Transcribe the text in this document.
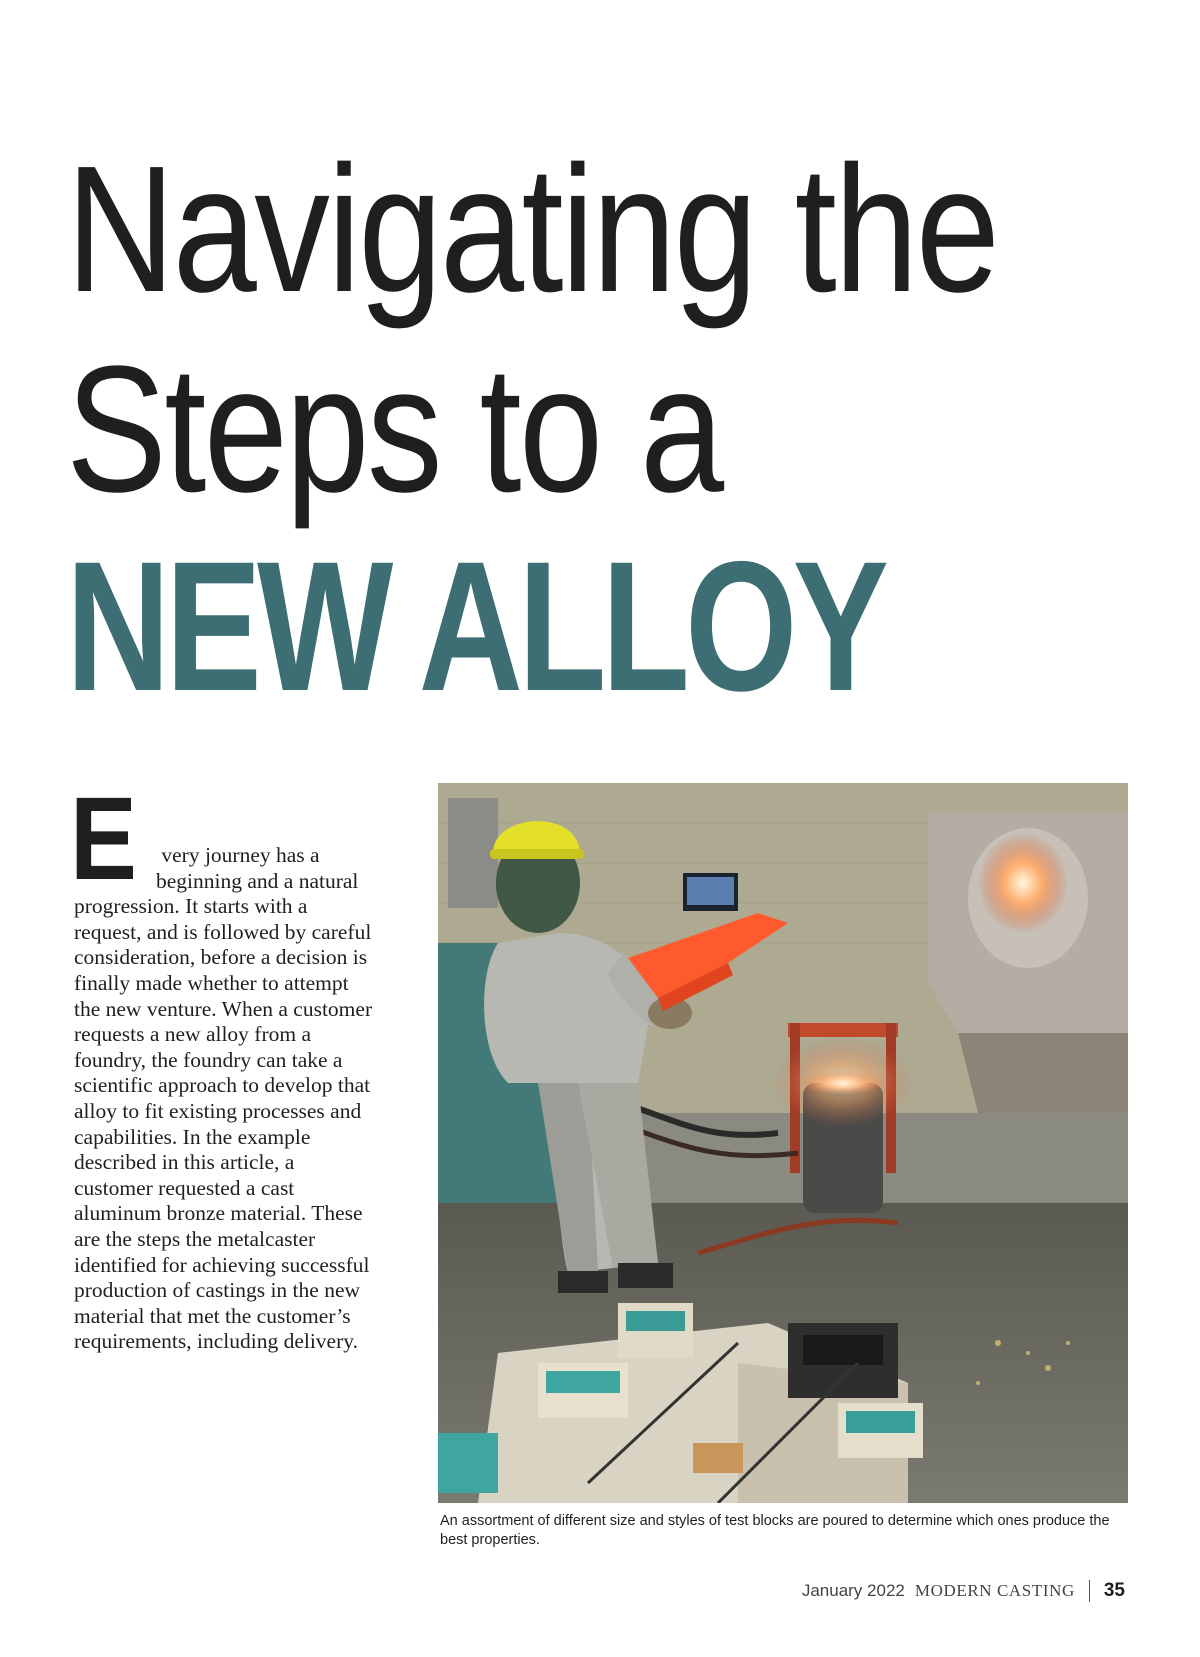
Navigating the
Steps to a
NEW ALLOY
E very journey has a beginning and a natural progression. It starts with a request, and is followed by careful consideration, before a decision is finally made whether to attempt the new venture. When a customer requests a new alloy from a foundry, the foundry can take a scientific approach to develop that alloy to fit existing processes and capabilities. In the example described in this article, a customer requested a cast aluminum bronze material. These are the steps the metalcaster identified for achieving successful production of castings in the new material that met the customer’s requirements, including delivery.

An assortment of different size and styles of test blocks are poured to determine which ones produce the best properties.

January 2022 MODERN CASTING 35
